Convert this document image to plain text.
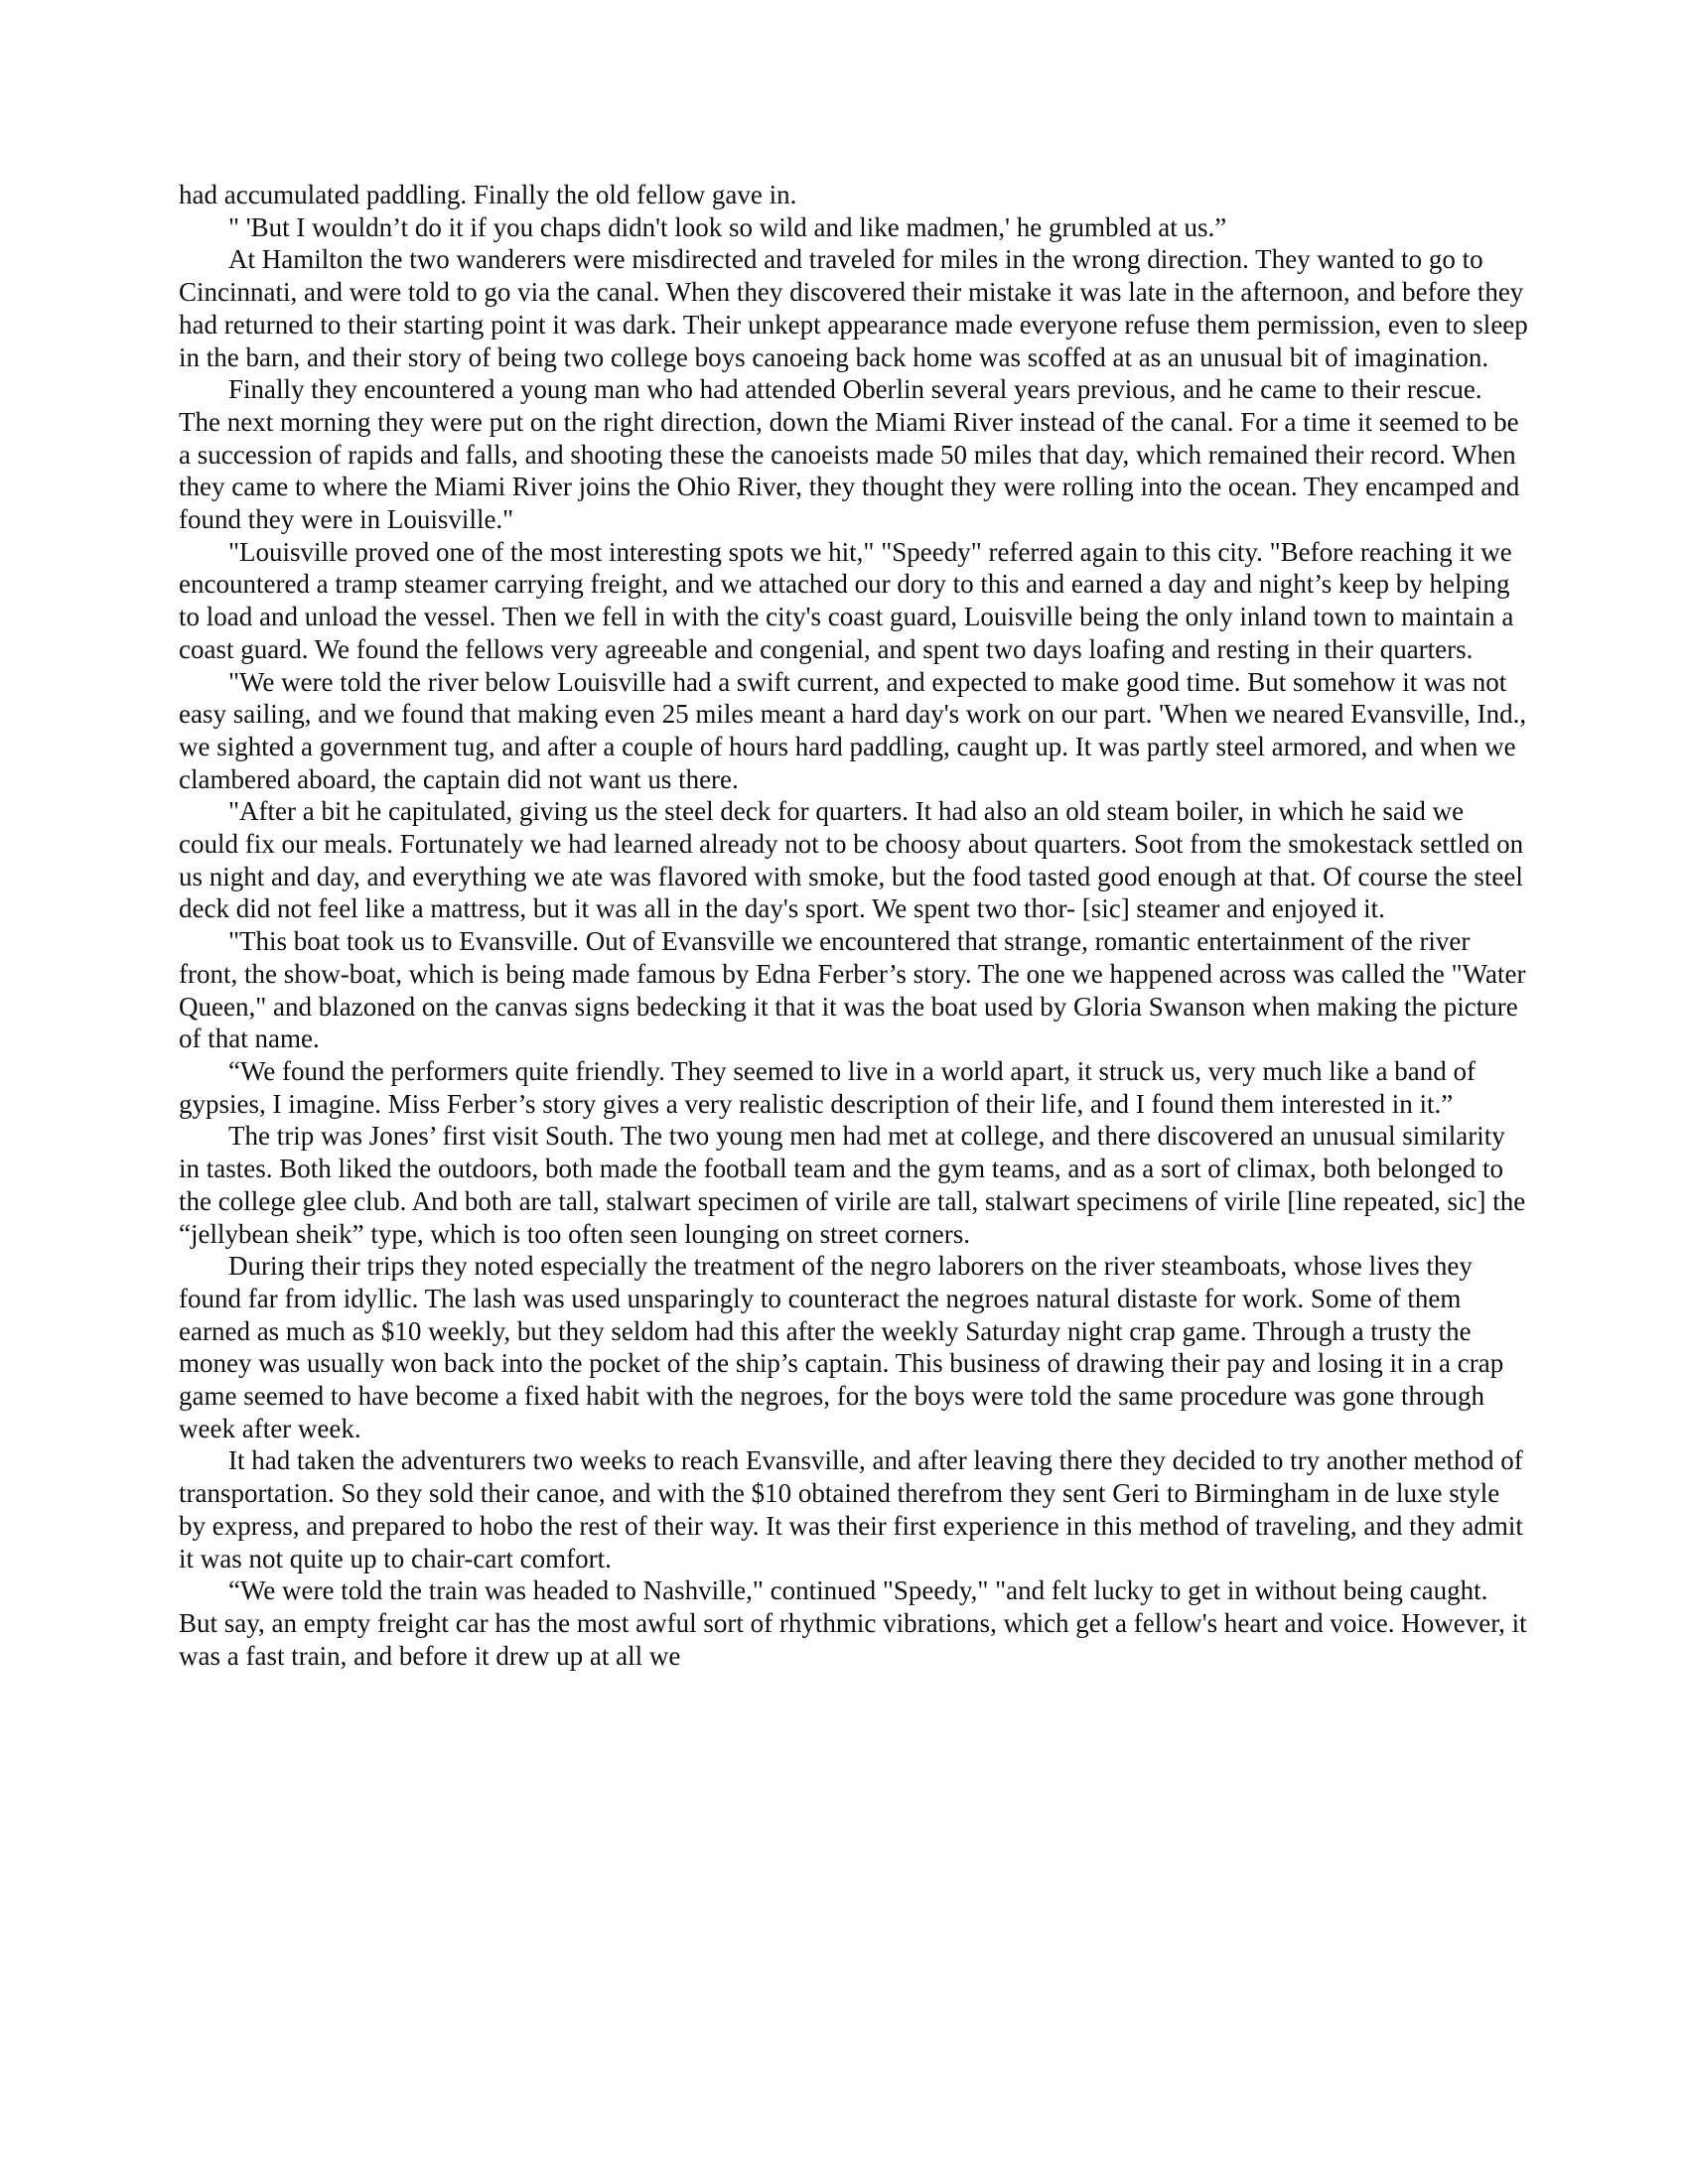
had accumulated paddling. Finally the old fellow gave in.

" 'But I wouldn’t do it if you chaps didn't look so wild and like madmen,' he grumbled at us.”

At Hamilton the two wanderers were misdirected and traveled for miles in the wrong direction. They wanted to go to Cincinnati, and were told to go via the canal. When they discovered their mistake it was late in the afternoon, and before they had returned to their starting point it was dark. Their unkept appearance made everyone refuse them permission, even to sleep in the barn, and their story of being two college boys canoeing back home was scoffed at as an unusual bit of imagination.

Finally they encountered a young man who had attended Oberlin several years previous, and he came to their rescue. The next morning they were put on the right direction, down the Miami River instead of the canal. For a time it seemed to be a succession of rapids and falls, and shooting these the canoeists made 50 miles that day, which remained their record. When they came to where the Miami River joins the Ohio River, they thought they were rolling into the ocean. They encamped and found they were in Louisville."

"Louisville proved one of the most interesting spots we hit," "Speedy" referred again to this city. "Before reaching it we encountered a tramp steamer carrying freight, and we attached our dory to this and earned a day and night’s keep by helping to load and unload the vessel. Then we fell in with the city's coast guard, Louisville being the only inland town to maintain a coast guard. We found the fellows very agreeable and congenial, and spent two days loafing and resting in their quarters.

"We were told the river below Louisville had a swift current, and expected to make good time. But somehow it was not easy sailing, and we found that making even 25 miles meant a hard day's work on our part. 'When we neared Evansville, Ind., we sighted a government tug, and after a couple of hours hard paddling, caught up. It was partly steel armored, and when we clambered aboard, the captain did not want us there.

"After a bit he capitulated, giving us the steel deck for quarters. It had also an old steam boiler, in which he said we could fix our meals. Fortunately we had learned already not to be choosy about quarters. Soot from the smokestack settled on us night and day, and everything we ate was flavored with smoke, but the food tasted good enough at that. Of course the steel deck did not feel like a mattress, but it was all in the day's sport. We spent two thor- [sic] steamer and enjoyed it.

"This boat took us to Evansville. Out of Evansville we encountered that strange, romantic entertainment of the river front, the show-boat, which is being made famous by Edna Ferber’s story. The one we happened across was called the "Water Queen," and blazoned on the canvas signs bedecking it that it was the boat used by Gloria Swanson when making the picture of that name.

“We found the performers quite friendly. They seemed to live in a world apart, it struck us, very much like a band of gypsies, I imagine. Miss Ferber’s story gives a very realistic description of their life, and I found them interested in it.”

The trip was Jones’ first visit South. The two young men had met at college, and there discovered an unusual similarity in tastes. Both liked the outdoors, both made the football team and the gym teams, and as a sort of climax, both belonged to the college glee club. And both are tall, stalwart specimen of virile are tall, stalwart specimens of virile [line repeated, sic] the “jellybean sheik” type, which is too often seen lounging on street corners.

During their trips they noted especially the treatment of the negro laborers on the river steamboats, whose lives they found far from idyllic. The lash was used unsparingly to counteract the negroes natural distaste for work. Some of them earned as much as $10 weekly, but they seldom had this after the weekly Saturday night crap game. Through a trusty the money was usually won back into the pocket of the ship’s captain. This business of drawing their pay and losing it in a crap game seemed to have become a fixed habit with the negroes, for the boys were told the same procedure was gone through week after week.

It had taken the adventurers two weeks to reach Evansville, and after leaving there they decided to try another method of transportation. So they sold their canoe, and with the $10 obtained therefrom they sent Geri to Birmingham in de luxe style by express, and prepared to hobo the rest of their way. It was their first experience in this method of traveling, and they admit it was not quite up to chair-cart comfort.

“We were told the train was headed to Nashville," continued "Speedy," "and felt lucky to get in without being caught. But say, an empty freight car has the most awful sort of rhythmic vibrations, which get a fellow's heart and voice. However, it was a fast train, and before it drew up at all we
